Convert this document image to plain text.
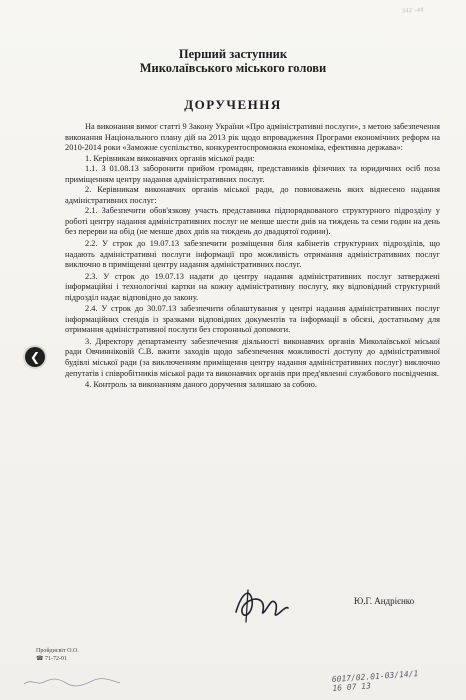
342 -48
Перший заступник
Миколаївського міського голови
ДОРУЧЕННЯ

На виконання вимог статті 9 Закону України «Про адміністративні послуги», з метою забезпечення виконання Національного плану дій на 2013 рік щодо впровадження Програми економічних реформ на 2010-2014 роки «Заможне суспільство, конкурентоспроможна економіка, ефективна держава»:

1. Керівникам виконавчих органів міської ради:

1.1. З 01.08.13 заборонити прийом громадян, представників фізичних та юридичних осіб поза приміщенням центру надання адміністративних послуг.

2. Керівникам виконавчих органів міської ради, до повноважень яких віднесено надання адміністративних послуг:

2.1. Забезпечити обов'язкову участь представника підпорядкованого структурного підрозділу у роботі центру надання адміністративних послуг не менше шести днів на тиждень та семи годин на день без перерви на обід (не менше двох днів на тиждень до двадцятої години).

2.2. У строк до 19.07.13 забезпечити розміщення біля кабінетів структурних підрозділів, що надають адміністративні послуги інформації про можливість отримання адміністративних послуг виключно в приміщенні центру надання адміністративних послуг.

2.3. У строк до 19.07.13 надати до центру надання адміністративних послуг затверджені інформаційні і технологічні картки на кожну адміністративну послугу, яку відповідний структурний підрозділ надає відповідно до закону.

2.4. У строк до 30.07.13 забезпечити облаштування у центрі надання адміністративних послуг інформаційних стендів із зразками відповідних документів та інформації в обсязі, достатньому для отримання адміністративної послуги без сторонньої допомоги.

3. Директору департаменту забезпечення діяльності виконавчих органів Миколаївської міської ради Овчинніковій С.В. вжити заходів щодо забезпечення можливості доступу до адміністративної будівлі міської ради (за виключенням приміщення центру надання адміністративних послуг) виключно депутатів і співробітників міської ради та виконавчих органів при пред'явленні службового посвідчення.

4. Контроль за виконанням даного доручення залишаю за собою.

Ю.Г. Андрієнко
Пройдисвіт О.О.
☎ 71-72-01
6017/02.01-03/14/1
16 07 13
❮
